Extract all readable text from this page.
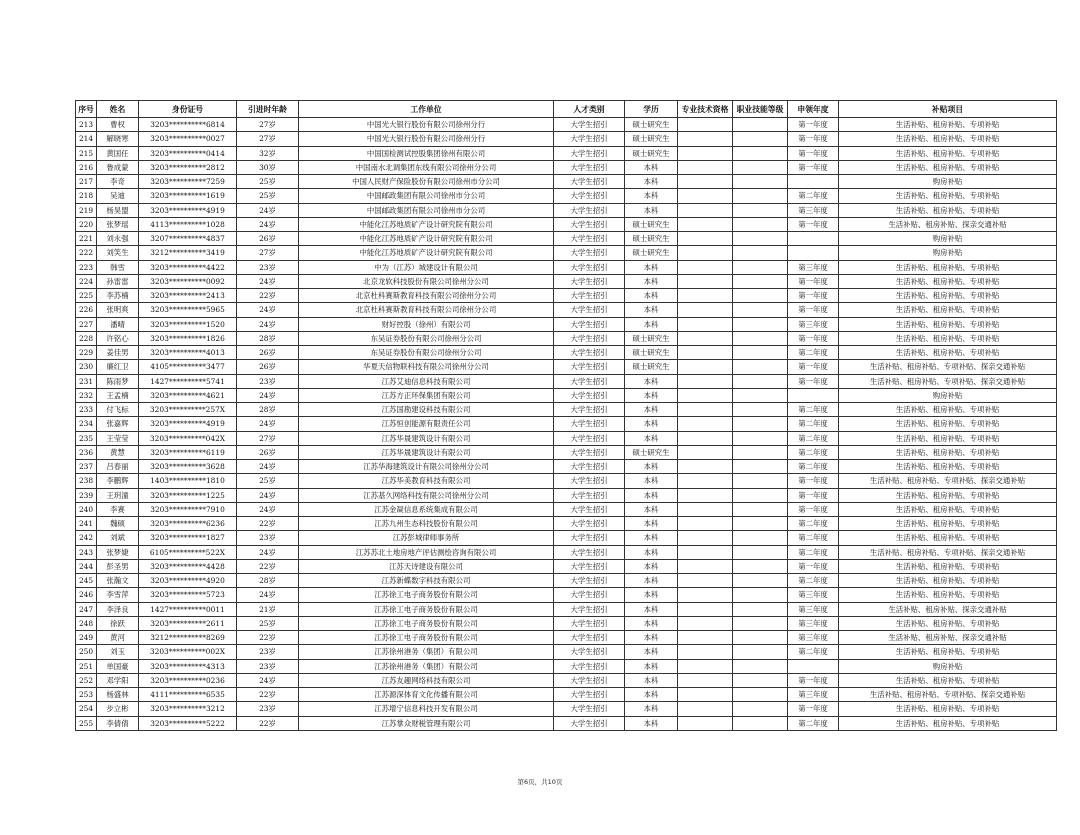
序号	姓名	身份证号	引进时年龄	工作单位	人才类别	学历	专业技术资格	职业技能等级	申领年度	补贴项目
213	曹权	3203**********6814	27岁	中国光大银行股份有限公司徐州分行	大学生招引	硕士研究生			第一年度	生活补贴、租房补贴、专项补贴
214	解晓寒	3203**********0027	27岁	中国光大银行股份有限公司徐州分行	大学生招引	硕士研究生			第一年度	生活补贴、租房补贴、专项补贴
215	黄国任	3203**********0414	32岁	中国国检测试控股集团徐州有限公司	大学生招引	硕士研究生			第一年度	生活补贴、租房补贴、专项补贴
216	鲁成蒙	3203**********2812	30岁	中国南水北调集团东线有限公司徐州分公司	大学生招引	本科			第一年度	生活补贴、租房补贴、专项补贴
217	李奇	3203**********7259	25岁	中国人民财产保险股份有限公司徐州市分公司	大学生招引	本科				购房补贴
218	吴迪	3203**********1619	25岁	中国邮政集团有限公司徐州市分公司	大学生招引	本科			第二年度	生活补贴、租房补贴、专项补贴
219	杨昊盟	3203**********4919	24岁	中国邮政集团有限公司徐州市分公司	大学生招引	本科			第三年度	生活补贴、租房补贴、专项补贴
220	张梦瑶	4113**********1028	24岁	中能化江苏地质矿产设计研究院有限公司	大学生招引	硕士研究生			第一年度	生活补贴、租房补贴、探亲交通补贴
221	刘永强	3207**********4837	26岁	中能化江苏地质矿产设计研究院有限公司	大学生招引	硕士研究生				购房补贴
222	刘笑生	3212**********3419	27岁	中能化江苏地质矿产设计研究院有限公司	大学生招引	硕士研究生				购房补贴
223	韩雪	3203**********4422	23岁	中为（江苏）城建设计有限公司	大学生招引	本科			第三年度	生活补贴、租房补贴、专项补贴
224	孙雷雷	3203**********0092	24岁	北京龙软科技股份有限公司徐州分公司	大学生招引	本科			第一年度	生活补贴、租房补贴、专项补贴
225	李苏楠	3203**********2413	22岁	北京杜科赛斯教育科技有限公司徐州分公司	大学生招引	本科			第一年度	生活补贴、租房补贴、专项补贴
226	张明爽	3203**********5965	24岁	北京杜科赛斯教育科技有限公司徐州分公司	大学生招引	本科			第一年度	生活补贴、租房补贴、专项补贴
227	潘晴	3203**********1520	24岁	财好控股（徐州）有限公司	大学生招引	本科			第三年度	生活补贴、租房补贴、专项补贴
228	许铭心	3203**********1826	28岁	东吴证券股份有限公司徐州分公司	大学生招引	硕士研究生			第一年度	生活补贴、租房补贴、专项补贴
229	姜佳男	3203**********4013	26岁	东吴证券股份有限公司徐州分公司	大学生招引	硕士研究生			第二年度	生活补贴、租房补贴、专项补贴
230	廉红卫	4105**********3477	26岁	华夏天信物联科技有限公司徐州分公司	大学生招引	硕士研究生			第一年度	生活补贴、租房补贴、专项补贴、探亲交通补贴
231	陈雨梦	1427**********5741	23岁	江苏艾迪信息科技有限公司	大学生招引	本科			第一年度	生活补贴、租房补贴、专项补贴、探亲交通补贴
232	王孟楠	3203**********4621	24岁	江苏方正环保集团有限公司	大学生招引	本科				购房补贴
233	付飞标	3203**********257X	28岁	江苏国勘建设科技有限公司	大学生招引	本科			第二年度	生活补贴、租房补贴、专项补贴
234	张嘉辉	3203**********4919	24岁	江苏恒创能源有限责任公司	大学生招引	本科			第二年度	生活补贴、租房补贴、专项补贴
235	王莹莹	3203**********042X	27岁	江苏华晟建筑设计有限公司	大学生招引	本科			第二年度	生活补贴、租房补贴、专项补贴
236	黄慧	3203**********6119	26岁	江苏华晟建筑设计有限公司	大学生招引	硕士研究生			第二年度	生活补贴、租房补贴、专项补贴
237	吕春丽	3203**********3628	24岁	江苏华海建筑设计有限公司徐州分公司	大学生招引	本科			第二年度	生活补贴、租房补贴、专项补贴
238	李鹏辉	1403**********1810	25岁	江苏华美教育科技有限公司	大学生招引	本科			第一年度	生活补贴、租房补贴、专项补贴、探亲交通补贴
239	王玥潼	3203**********1225	24岁	江苏基久网络科技有限公司徐州分公司	大学生招引	本科			第一年度	生活补贴、租房补贴、专项补贴
240	李赛	3203**********7910	24岁	江苏金凝信息系统集成有限公司	大学生招引	本科			第一年度	生活补贴、租房补贴、专项补贴
241	魏硕	3203**********6236	22岁	江苏九州生态科技股份有限公司	大学生招引	本科			第二年度	生活补贴、租房补贴、专项补贴
242	刘斌	3203**********1827	23岁	江苏彭城律师事务所	大学生招引	本科			第二年度	生活补贴、租房补贴、专项补贴
243	张梦婕	6105**********522X	24岁	江苏苏北土地房地产评估测绘咨询有限公司	大学生招引	本科			第二年度	生活补贴、租房补贴、专项补贴、探亲交通补贴
244	彭圣男	3203**********4428	22岁	江苏天诗建设有限公司	大学生招引	本科			第一年度	生活补贴、租房补贴、专项补贴
245	张瀚文	3203**********4920	28岁	江苏新蝶数字科技有限公司	大学生招引	本科			第二年度	生活补贴、租房补贴、专项补贴
246	李雪萍	3203**********5723	24岁	江苏徐工电子商务股份有限公司	大学生招引	本科			第三年度	生活补贴、租房补贴、专项补贴
247	李泽良	1427**********0011	21岁	江苏徐工电子商务股份有限公司	大学生招引	本科			第三年度	生活补贴、租房补贴、探亲交通补贴
248	徐跃	3203**********2611	25岁	江苏徐工电子商务股份有限公司	大学生招引	本科			第三年度	生活补贴、租房补贴、专项补贴
249	黄河	3212**********8269	22岁	江苏徐工电子商务股份有限公司	大学生招引	本科			第三年度	生活补贴、租房补贴、探亲交通补贴
250	刘玉	3203**********002X	23岁	江苏徐州港务（集团）有限公司	大学生招引	本科			第二年度	生活补贴、租房补贴、专项补贴
251	单国豪	3203**********4313	23岁	江苏徐州港务（集团）有限公司	大学生招引	本科				购房补贴
252	邓学阳	3203**********0236	24岁	江苏友趣网络科技有限公司	大学生招引	本科			第一年度	生活补贴、租房补贴、专项补贴
253	杨盛林	4111**********6535	22岁	江苏源深体育文化传播有限公司	大学生招引	本科			第三年度	生活补贴、租房补贴、专项补贴、探亲交通补贴
254	步立彬	3203**********3212	23岁	江苏增宁信息科技开发有限公司	大学生招引	本科			第一年度	生活补贴、租房补贴、专项补贴
255	李倩倩	3203**********5222	22岁	江苏掌众财税管理有限公司	大学生招引	本科			第二年度	生活补贴、租房补贴、专项补贴
第6页，共10页
